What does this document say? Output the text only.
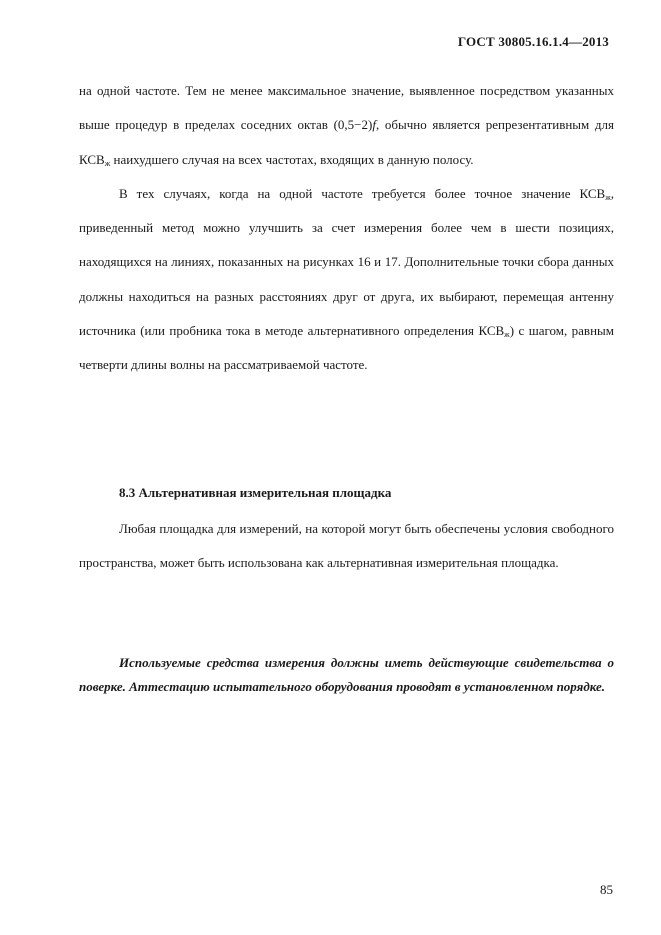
ГОСТ 30805.16.1.4—2013

на одной частоте. Тем не менее максимальное значение, выявленное посредством указанных выше процедур в пределах соседних октав (0,5−2)f, обычно является репрезентативным для $КСВ_ж$ наихудшего случая на всех частотах, входящих в данную полосу.

В тех случаях, когда на одной частоте требуется более точное значение $КСВ_ж$, приведенный метод можно улучшить за счет измерения более чем в шести позициях, находящихся на линиях, показанных на рисунках 16 и 17. Дополнительные точки сбора данных должны находиться на разных расстояниях друг от друга, их выбирают, перемещая антенну источника (или пробника тока в методе альтернативного определения $КСВ_ж$) с шагом, равным четверти длины волны на рассматриваемой частоте.

8.3 Альтернативная измерительная площадка

Любая площадка для измерений, на которой могут быть обеспечены условия свободного пространства, может быть использована как альтернативная измерительная площадка.

Используемые средства измерения должны иметь действующие свидетельства о поверке. Аттестацию испытательного оборудования проводят в установленном порядке.

85
